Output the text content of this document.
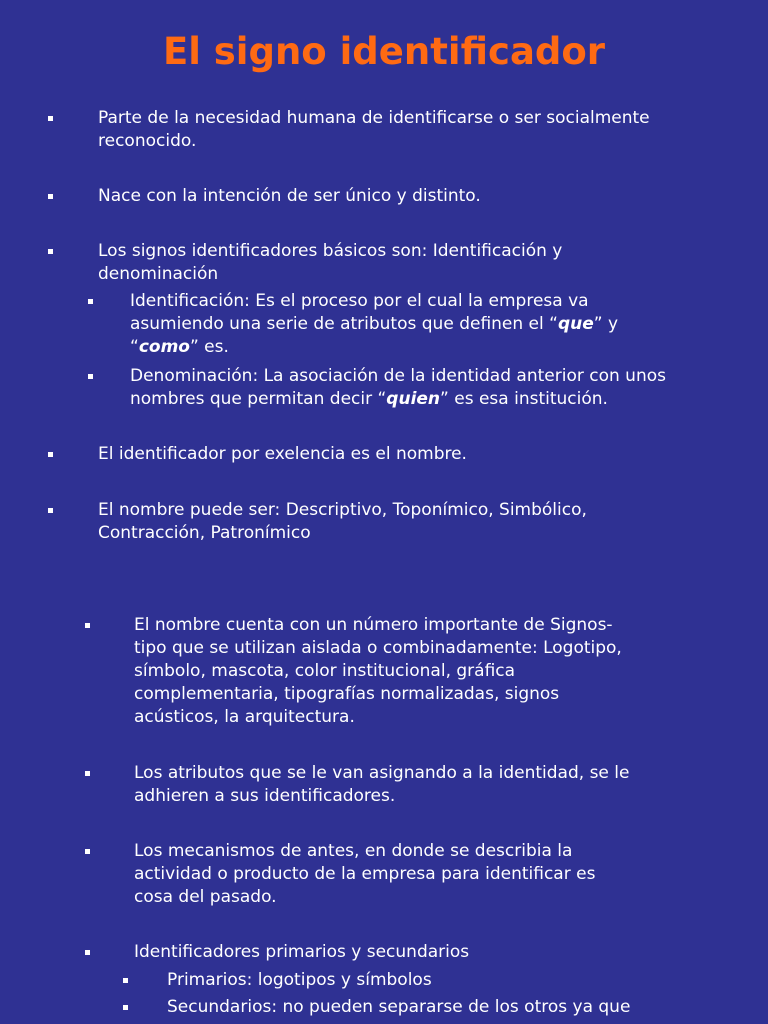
El signo identificador
Parte de la necesidad humana de identificarse o ser socialmente
reconocido.
Nace con la intención de ser único y distinto.
Los signos identificadores básicos son: Identificación y
denominación
Identificación: Es el proceso por el cual la empresa va
asumiendo una serie de atributos que definen el “que” y
“como” es.
Denominación: La asociación de la identidad anterior con unos
nombres que permitan decir “quien” es esa institución.
El identificador por exelencia es el nombre.
El nombre puede ser: Descriptivo, Toponímico, Simbólico,
Contracción, Patronímico
El nombre cuenta con un número importante de Signos-
tipo que se utilizan aislada o combinadamente: Logotipo,
símbolo, mascota, color institucional, gráfica
complementaria, tipografías normalizadas, signos
acústicos, la arquitectura.
Los atributos que se le van asignando a la identidad, se le
adhieren a sus identificadores.
Los mecanismos de antes, en donde se describia la
actividad o producto de la empresa para identificar es
cosa del pasado.
Identificadores primarios y secundarios
Primarios: logotipos y símbolos
Secundarios: no pueden separarse de los otros ya que
